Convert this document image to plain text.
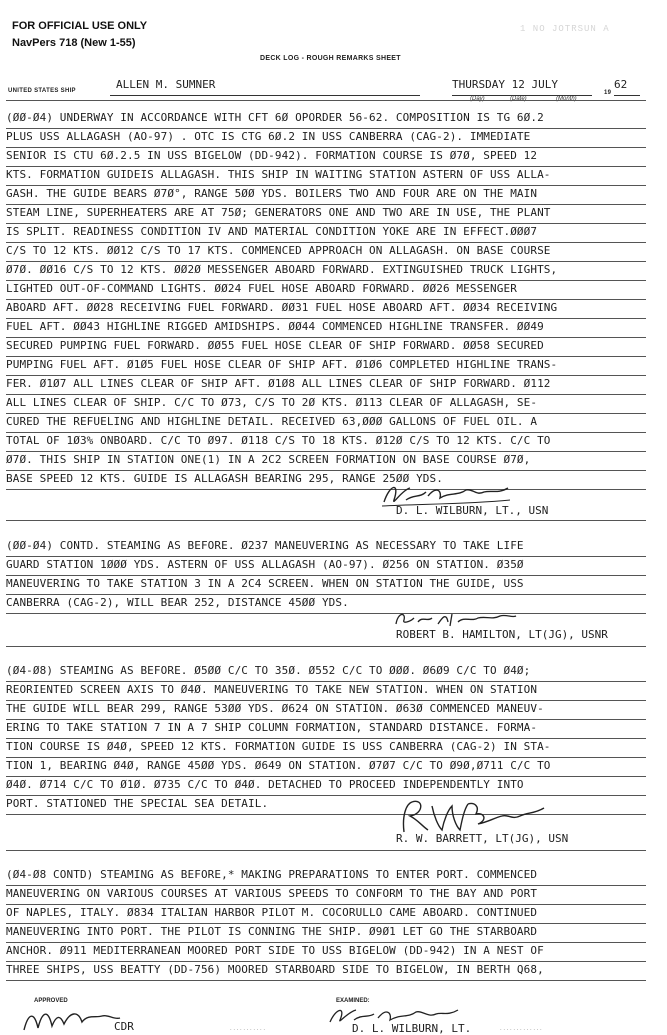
FOR OFFICIAL USE ONLY
NavPers 718 (New 1-55)
1 NO JOTRSUN A
DECK LOG - ROUGH REMARKS SHEET
UNITED STATES SHIP	ALLEN M. SUMNER	THURSDAY 12 JULY
(Day)	(Date)	(Month)
19
62
(ØØ-Ø4) UNDERWAY IN ACCORDANCE WITH CFT 6Ø OPORDER 56-62. COMPOSITION IS TG 6Ø.2
PLUS USS ALLAGASH (AO-97) . OTC IS CTG 6Ø.2 IN USS CANBERRA (CAG-2). IMMEDIATE
SENIOR IS CTU 6Ø.2.5 IN USS BIGELOW (DD-942). FORMATION COURSE IS Ø7Ø, SPEED 12
KTS. FORMATION GUIDEIS ALLAGASH. THIS SHIP IN WAITING STATION ASTERN OF USS ALLA-
GASH. THE GUIDE BEARS Ø7Ø°, RANGE 5ØØ YDS. BOILERS TWO AND FOUR ARE ON THE MAIN
STEAM LINE, SUPERHEATERS ARE AT 75Ø; GENERATORS ONE AND TWO ARE IN USE, THE PLANT
IS SPLIT. READINESS CONDITION IV AND MATERIAL CONDITION YOKE ARE IN EFFECT.ØØØ7
C/S TO 12 KTS. ØØ12 C/S TO 17 KTS. COMMENCED APPROACH ON ALLAGASH. ON BASE COURSE
Ø7Ø. ØØ16 C/S TO 12 KTS. ØØ2Ø MESSENGER ABOARD FORWARD. EXTINGUISHED TRUCK LIGHTS,
LIGHTED OUT-OF-COMMAND LIGHTS. ØØ24 FUEL HOSE ABOARD FORWARD. ØØ26 MESSENGER
ABOARD AFT. ØØ28 RECEIVING FUEL FORWARD. ØØ31 FUEL HOSE ABOARD AFT. ØØ34 RECEIVING
FUEL AFT. ØØ43 HIGHLINE RIGGED AMIDSHIPS. ØØ44 COMMENCED HIGHLINE TRANSFER. ØØ49
SECURED PUMPING FUEL FORWARD. ØØ55 FUEL HOSE CLEAR OF SHIP FORWARD. ØØ58 SECURED
PUMPING FUEL AFT. Ø1Ø5 FUEL HOSE CLEAR OF SHIP AFT. Ø1Ø6 COMPLETED HIGHLINE TRANS-
FER. Ø1Ø7 ALL LINES CLEAR OF SHIP AFT. Ø1Ø8 ALL LINES CLEAR OF SHIP FORWARD. Ø112
ALL LINES CLEAR OF SHIP. C/C TO Ø73, C/S TO 2Ø KTS. Ø113 CLEAR OF ALLAGASH, SE-
CURED THE REFUELING AND HIGHLINE DETAIL. RECEIVED 63,ØØØ GALLONS OF FUEL OIL. A
TOTAL OF 1Ø3% ONBOARD. C/C TO Ø97. Ø118 C/S TO 18 KTS. Ø12Ø C/S TO 12 KTS. C/C TO
Ø7Ø. THIS SHIP IN STATION ONE(1) IN A 2C2 SCREEN FORMATION ON BASE COURSE Ø7Ø,
BASE SPEED 12 KTS. GUIDE IS ALLAGASH BEARING 295, RANGE 25ØØ YDS.
D. L. WILBURN, LT., USN
(ØØ-Ø4) CONTD. STEAMING AS BEFORE. Ø237 MANEUVERING AS NECESSARY TO TAKE LIFE
GUARD STATION 1ØØØ YDS. ASTERN OF USS ALLAGASH (AO-97). Ø256 ON STATION. Ø35Ø
MANEUVERING TO TAKE STATION 3 IN A 2C4 SCREEN. WHEN ON STATION THE GUIDE, USS
CANBERRA (CAG-2), WILL BEAR 252, DISTANCE 45ØØ YDS.
ROBERT B. HAMILTON, LT(JG), USNR
(Ø4-Ø8) STEAMING AS BEFORE. Ø5ØØ C/C TO 35Ø. Ø552 C/C TO ØØØ. Ø6Ø9 C/C TO Ø4Ø;
REORIENTED SCREEN AXIS TO Ø4Ø. MANEUVERING TO TAKE NEW STATION. WHEN ON STATION
THE GUIDE WILL BEAR 299, RANGE 53ØØ YDS. Ø624 ON STATION. Ø63Ø COMMENCED MANEUV-
ERING TO TAKE STATION 7 IN A 7 SHIP COLUMN FORMATION, STANDARD DISTANCE. FORMA-
TION COURSE IS Ø4Ø, SPEED 12 KTS. FORMATION GUIDE IS USS CANBERRA (CAG-2) IN STA-
TION 1, BEARING Ø4Ø, RANGE 45ØØ YDS. Ø649 ON STATION. Ø7Ø7 C/C TO Ø9Ø,Ø711 C/C TO
Ø4Ø. Ø714 C/C TO Ø1Ø. Ø735 C/C TO Ø4Ø. DETACHED TO PROCEED INDEPENDENTLY INTO
PORT. STATIONED THE SPECIAL SEA DETAIL.
R. W. BARRETT, LT(JG), USN
(Ø4-Ø8 CONTD) STEAMING AS BEFORE,* MAKING PREPARATIONS TO ENTER PORT. COMMENCED
MANEUVERING ON VARIOUS COURSES AT VARIOUS SPEEDS TO CONFORM TO THE BAY AND PORT
OF NAPLES, ITALY. Ø834 ITALIAN HARBOR PILOT M. COCORULLO CAME ABOARD. CONTINUED
MANEUVERING INTO PORT. THE PILOT IS CONNING THE SHIP. Ø9Ø1 LET GO THE STARBOARD
ANCHOR. Ø911 MEDITERRANEAN MOORED PORT SIDE TO USS BIGELOW (DD-942) IN A NEST OF
THREE SHIPS, USS BEATTY (DD-756) MOORED STARBOARD SIDE TO BIGELOW, IN BERTH Q68,
APPROVED
CDR	. . . . . . . . . . .
EXAMINED:
D. L. WILBURN, LT.	. . . . . . . . . . . . .
